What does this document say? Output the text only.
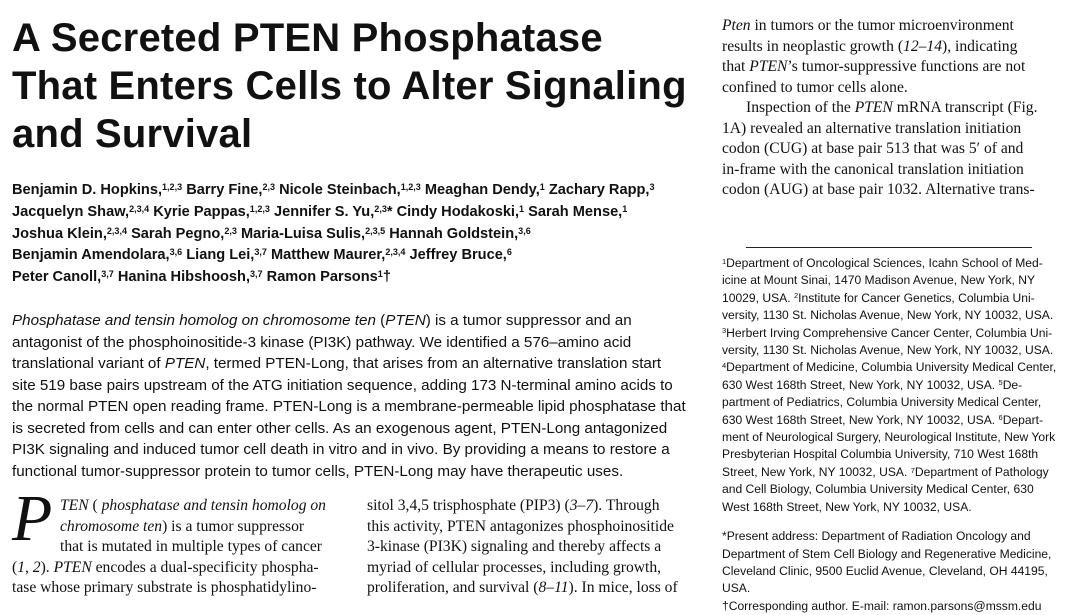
A Secreted PTEN Phosphatase
That Enters Cells to Alter Signaling
and Survival
Benjamin D. Hopkins,$^{1,2,3}$ Barry Fine,$^{2,3}$ Nicole Steinbach,$^{1,2,3}$ Meaghan Dendy,$^1$ Zachary Rapp,$^3$
Jacquelyn Shaw,$^{2,3,4}$ Kyrie Pappas,$^{1,2,3}$ Jennifer S. Yu,$^{2,3}$* Cindy Hodakoski,$^1$ Sarah Mense,$^1$
Joshua Klein,$^{2,3,4}$ Sarah Pegno,$^{2,3}$ Maria-Luisa Sulis,$^{2,3,5}$ Hannah Goldstein,$^{3,6}$
Benjamin Amendolara,$^{3,6}$ Liang Lei,$^{3,7}$ Matthew Maurer,$^{2,3,4}$ Jeffrey Bruce,$^6$
Peter Canoll,$^{3,7}$ Hanina Hibshoosh,$^{3,7}$ Ramon Parsons$^1$†
Phosphatase and tensin homolog on chromosome ten (PTEN) is a tumor suppressor and an
antagonist of the phosphoinositide-3 kinase (PI3K) pathway. We identified a 576–amino acid
translational variant of PTEN, termed PTEN-Long, that arises from an alternative translation start
site 519 base pairs upstream of the ATG initiation sequence, adding 173 N-terminal amino acids to
the normal PTEN open reading frame. PTEN-Long is a membrane-permeable lipid phosphatase that
is secreted from cells and can enter other cells. As an exogenous agent, PTEN-Long antagonized
PI3K signaling and induced tumor cell death in vitro and in vivo. By providing a means to restore a
functional tumor-suppressor protein to tumor cells, PTEN-Long may have therapeutic uses.
P TEN ( phosphatase and tensin homolog on
chromosome ten) is a tumor suppressor
that is mutated in multiple types of cancer
(1, 2). PTEN encodes a dual-specificity phospha-
tase whose primary substrate is phosphatidylino-
sitol 3,4,5 trisphosphate (PIP3) (3–7). Through
this activity, PTEN antagonizes phosphoinositide
3-kinase (PI3K) signaling and thereby affects a
myriad of cellular processes, including growth,
proliferation, and survival (8–11). In mice, loss of
Pten in tumors or the tumor microenvironment
results in neoplastic growth (12–14), indicating
that PTEN’s tumor-suppressive functions are not
confined to tumor cells alone.
Inspection of the PTEN mRNA transcript (Fig.
1A) revealed an alternative translation initiation
codon (CUG) at base pair 513 that was 5′ of and
in-frame with the canonical translation initiation
codon (AUG) at base pair 1032. Alternative trans-
$^1$Department of Oncological Sciences, Icahn School of Med-
icine at Mount Sinai, 1470 Madison Avenue, New York, NY
10029, USA. $^2$Institute for Cancer Genetics, Columbia Uni-
versity, 1130 St. Nicholas Avenue, New York, NY 10032, USA.
$^3$Herbert Irving Comprehensive Cancer Center, Columbia Uni-
versity, 1130 St. Nicholas Avenue, New York, NY 10032, USA.
$^4$Department of Medicine, Columbia University Medical Center,
630 West 168th Street, New York, NY 10032, USA. $^5$De-
partment of Pediatrics, Columbia University Medical Center,
630 West 168th Street, New York, NY 10032, USA. $^6$Depart-
ment of Neurological Surgery, Neurological Institute, New York
Presbyterian Hospital Columbia University, 710 West 168th
Street, New York, NY 10032, USA. $^7$Department of Pathology
and Cell Biology, Columbia University Medical Center, 630
West 168th Street, New York, NY 10032, USA.
*Present address: Department of Radiation Oncology and
Department of Stem Cell Biology and Regenerative Medicine,
Cleveland Clinic, 9500 Euclid Avenue, Cleveland, OH 44195,
USA.
†Corresponding author. E-mail: ramon.parsons@mssm.edu
